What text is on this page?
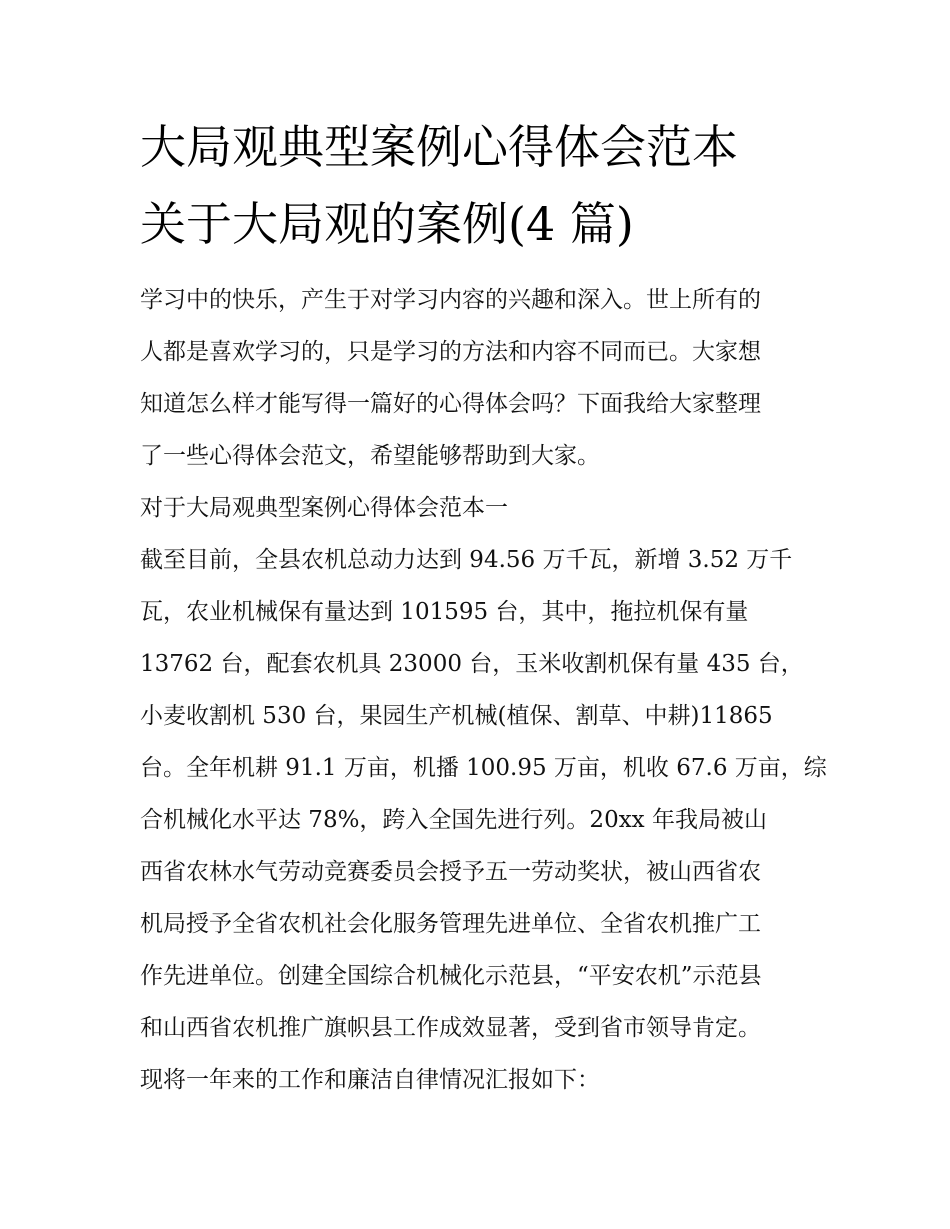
大局观典型案例心得体会范本
关于大局观的案例(4 篇)
学习中的快乐，产生于对学习内容的兴趣和深入。世上所有的
人都是喜欢学习的，只是学习的方法和内容不同而已。大家想
知道怎么样才能写得一篇好的心得体会吗？下面我给大家整理
了一些心得体会范文，希望能够帮助到大家。
对于大局观典型案例心得体会范本一
截至目前，全县农机总动力达到 94.56 万千瓦，新增 3.52 万千
瓦，农业机械保有量达到 101595 台，其中，拖拉机保有量
13762 台，配套农机具 23000 台，玉米收割机保有量 435 台，
小麦收割机 530 台，果园生产机械(植保、割草、中耕)11865
台。全年机耕 91.1 万亩，机播 100.95 万亩，机收 67.6 万亩，综
合机械化水平达 78%，跨入全国先进行列。20xx 年我局被山
西省农林水气劳动竞赛委员会授予五一劳动奖状，被山西省农
机局授予全省农机社会化服务管理先进单位、全省农机推广工
作先进单位。创建全国综合机械化示范县，“平安农机”示范县
和山西省农机推广旗帜县工作成效显著，受到省市领导肯定。
现将一年来的工作和廉洁自律情况汇报如下：
